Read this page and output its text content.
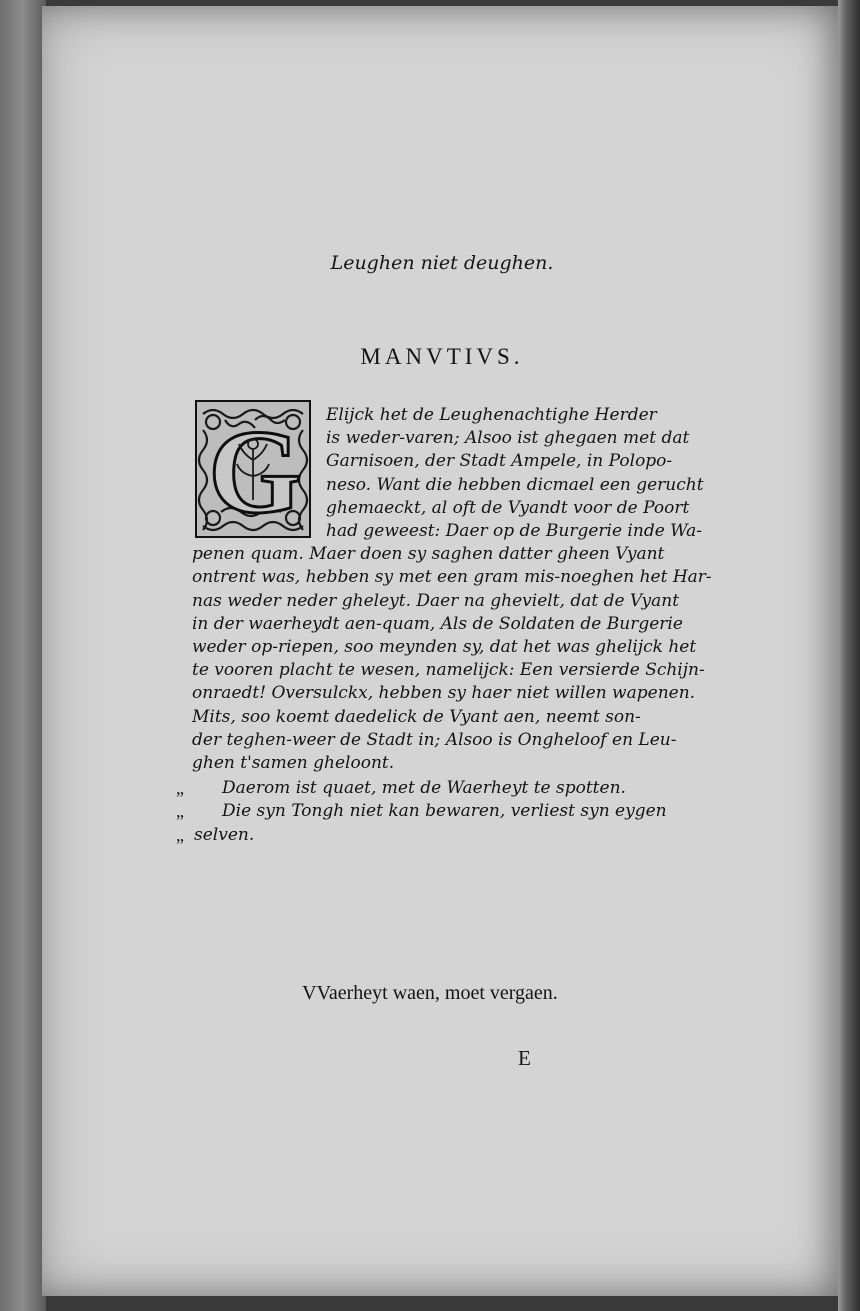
Leughen niet deughen.
MANVTIVS.
G Elijck het de Leughenachtighe Herder
is weder-varen; Alsoo ist ghegaen met dat
Garnisoen, der Stadt Ampele, in Polopo-
neso. Want die hebben dicmael een gerucht
ghemaeckt, al oft de Vyandt voor de Poort
had geweest: Daer op de Burgerie inde Wa-
penen quam. Maer doen sy saghen datter gheen Vyant
ontrent was, hebben sy met een gram mis-noeghen het Har-
nas weder neder gheleyt. Daer na ghevielt, dat de Vyant
in der waerheydt aen-quam, Als de Soldaten de Burgerie
weder op-riepen, soo meynden sy, dat het was ghelijck het
te vooren placht te wesen, namelijck: Een versierde Schijn-
onraedt! Oversulckx, hebben sy haer niet willen wapenen.
Mits, soo koemt daedelick de Vyant aen, neemt son-
der teghen-weer de Stadt in; Alsoo is Ongheloof en Leu-
ghen t'samen gheloont.
„ Daerom ist quaet, met de Waerheyt te spotten.
„ Die syn Tongh niet kan bewaren, verliest syn eygen
„ selven.
VVaerheyt waen, moet vergaen.
E
